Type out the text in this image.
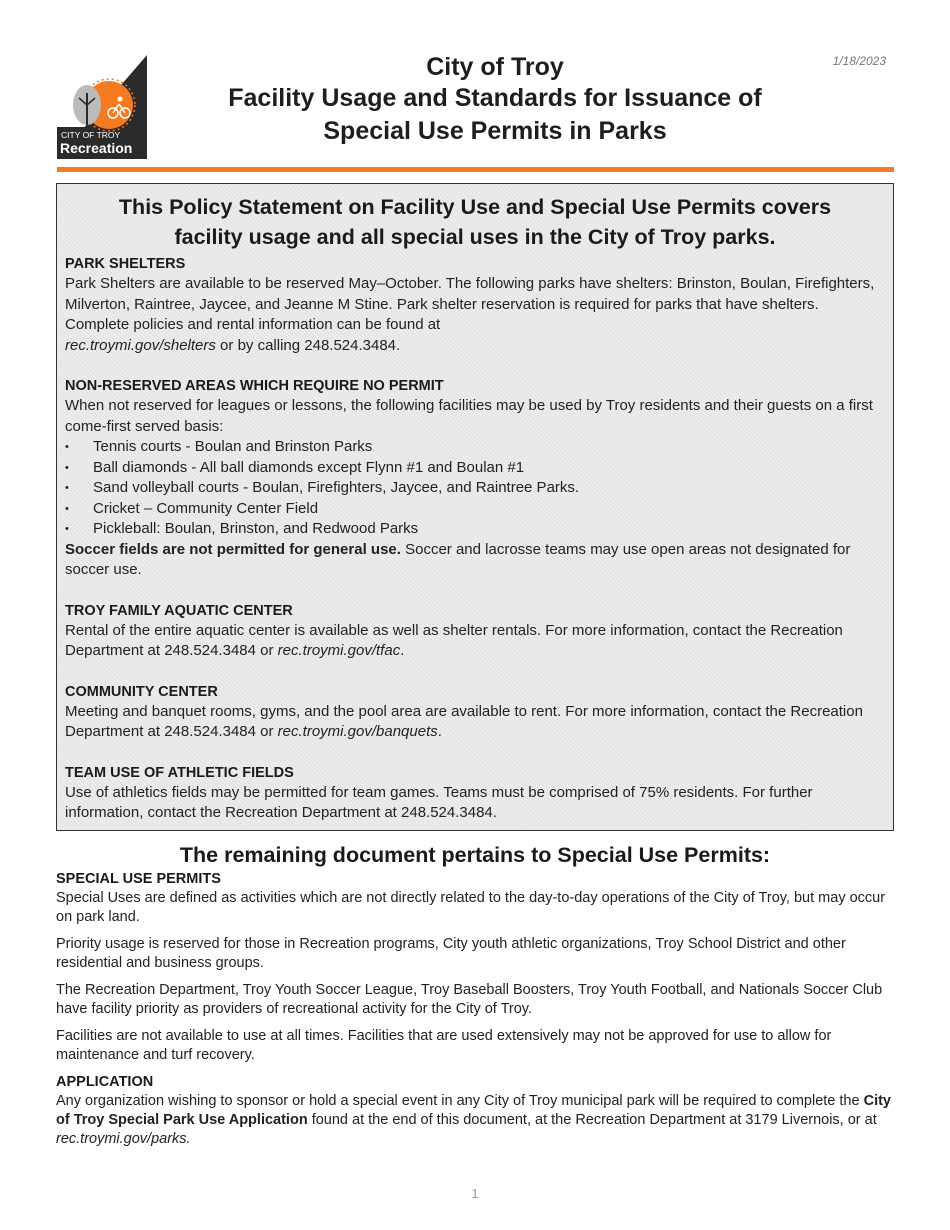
CITY OF TROY
Recreation
1/18/2023
City of Troy
Facility Usage and Standards for Issuance of
Special Use Permits in Parks
This Policy Statement on Facility Use and Special Use Permits covers
facility usage and all special uses in the City of Troy parks.
PARK SHELTERS

Park Shelters are available to be reserved May–October. The following parks have shelters: Brinston, Boulan, Firefighters, Milverton, Raintree, Jaycee, and Jeanne M Stine. Park shelter reservation is required for parks that have shelters. Complete policies and rental information can be found at
rec.troymi.gov/shelters or by calling 248.524.3484.

NON-RESERVED AREAS WHICH REQUIRE NO PERMIT

When not reserved for leagues or lessons, the following facilities may be used by Troy residents and their guests on a first come-first served basis:

• Tennis courts - Boulan and Brinston Parks
• Ball diamonds - All ball diamonds except Flynn #1 and Boulan #1
• Sand volleyball courts - Boulan, Firefighters, Jaycee, and Raintree Parks.
• Cricket – Community Center Field
• Pickleball: Boulan, Brinston, and Redwood Parks

Soccer fields are not permitted for general use. Soccer and lacrosse teams may use open areas not designated for soccer use.

TROY FAMILY AQUATIC CENTER

Rental of the entire aquatic center is available as well as shelter rentals. For more information, contact the Recreation Department at 248.524.3484 or rec.troymi.gov/tfac.

COMMUNITY CENTER

Meeting and banquet rooms, gyms, and the pool area are available to rent. For more information, contact the Recreation Department at 248.524.3484 or rec.troymi.gov/banquets.

TEAM USE OF ATHLETIC FIELDS

Use of athletics fields may be permitted for team games. Teams must be comprised of 75% residents. For further information, contact the Recreation Department at 248.524.3484.

The remaining document pertains to Special Use Permits:
SPECIAL USE PERMITS

Special Uses are defined as activities which are not directly related to the day-to-day operations of the City of Troy, but may occur on park land.

Priority usage is reserved for those in Recreation programs, City youth athletic organizations, Troy School District and other residential and business groups.

The Recreation Department, Troy Youth Soccer League, Troy Baseball Boosters, Troy Youth Football, and Nationals Soccer Club have facility priority as providers of recreational activity for the City of Troy.

Facilities are not available to use at all times. Facilities that are used extensively may not be approved for use to allow for maintenance and turf recovery.

APPLICATION

Any organization wishing to sponsor or hold a special event in any City of Troy municipal park will be required to complete the City of Troy Special Park Use Application found at the end of this document, at the Recreation Department at 3179 Livernois, or at rec.troymi.gov/parks.

1
